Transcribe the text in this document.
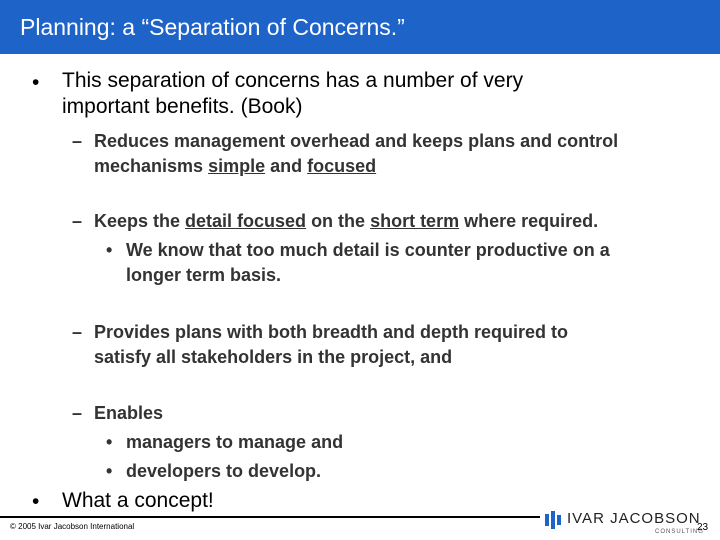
Planning: a “Separation of Concerns.”
• This separation of concerns has a number of very
important benefits. (Book)
– Reduces management overhead and keeps plans and control
mechanisms simple and focused
– Keeps the detail focused on the short term where required.
• We know that too much detail is counter productive on a
longer term basis.
– Provides plans with both breadth and depth required to
satisfy all stakeholders in the project, and
– Enables
• managers to manage and
• developers to develop.
• What a concept!
© 2005 Ivar Jacobson International	IVAR JACOBSON
CONSULTING
23
